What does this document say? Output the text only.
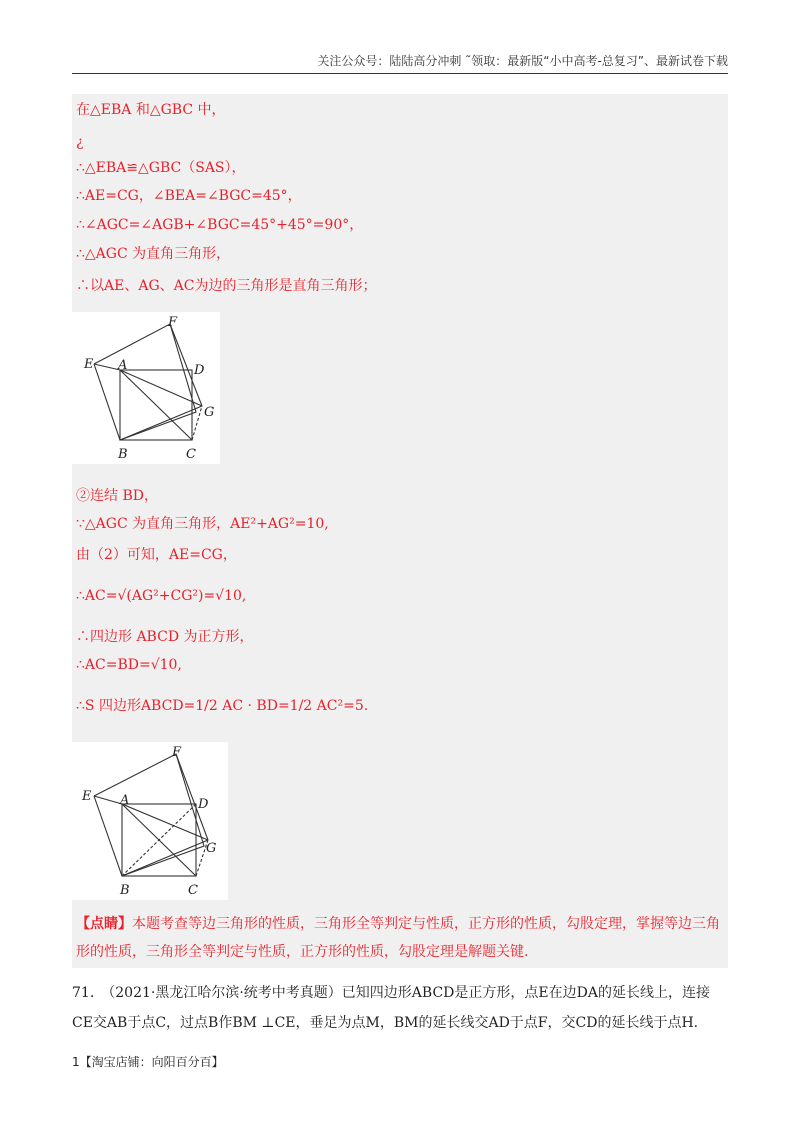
关注公众号：陆陆高分冲刺 ˜领取：最新版“小中高考-总复习”、最新试卷下载
在△EBA 和△GBC 中，
¿
∴△EBA≌△GBC（SAS），
∴AE=CG，∠BEA=∠BGC=45°，
∴∠AGC=∠AGB+∠BGC=45°+45°=90°，
∴△AGC 为直角三角形，
∴以AE、AG、AC为边的三角形是直角三角形；
E
F
A	D
G
B	C
②连结 BD，
∵△AGC 为直角三角形，AE²+AG²=10,
由（2）可知，AE=CG，
∴AC=√(AG²+CG²)=√10,
∴四边形 ABCD 为正方形，
∴AC=BD=√10,
∴S 四边形ABCD=1/2 AC · BD=1/2 AC²=5.
E
F
A	D
G
B	C
【点睛】本题考查等边三角形的性质，三角形全等判定与性质，正方形的性质，勾股定理，掌握等边三角形的性质，三角形全等判定与性质，正方形的性质，勾股定理是解题关键.
71.　（2021·黑龙江哈尔滨·统考中考真题）已知四边形ABCD是正方形，点E在边DA的延长线上，连接CE交AB于点C，过点B作BM ⊥CE，垂足为点M，BM的延长线交AD于点F，交CD的延长线于点H.
1【淘宝店铺：向阳百分百】
